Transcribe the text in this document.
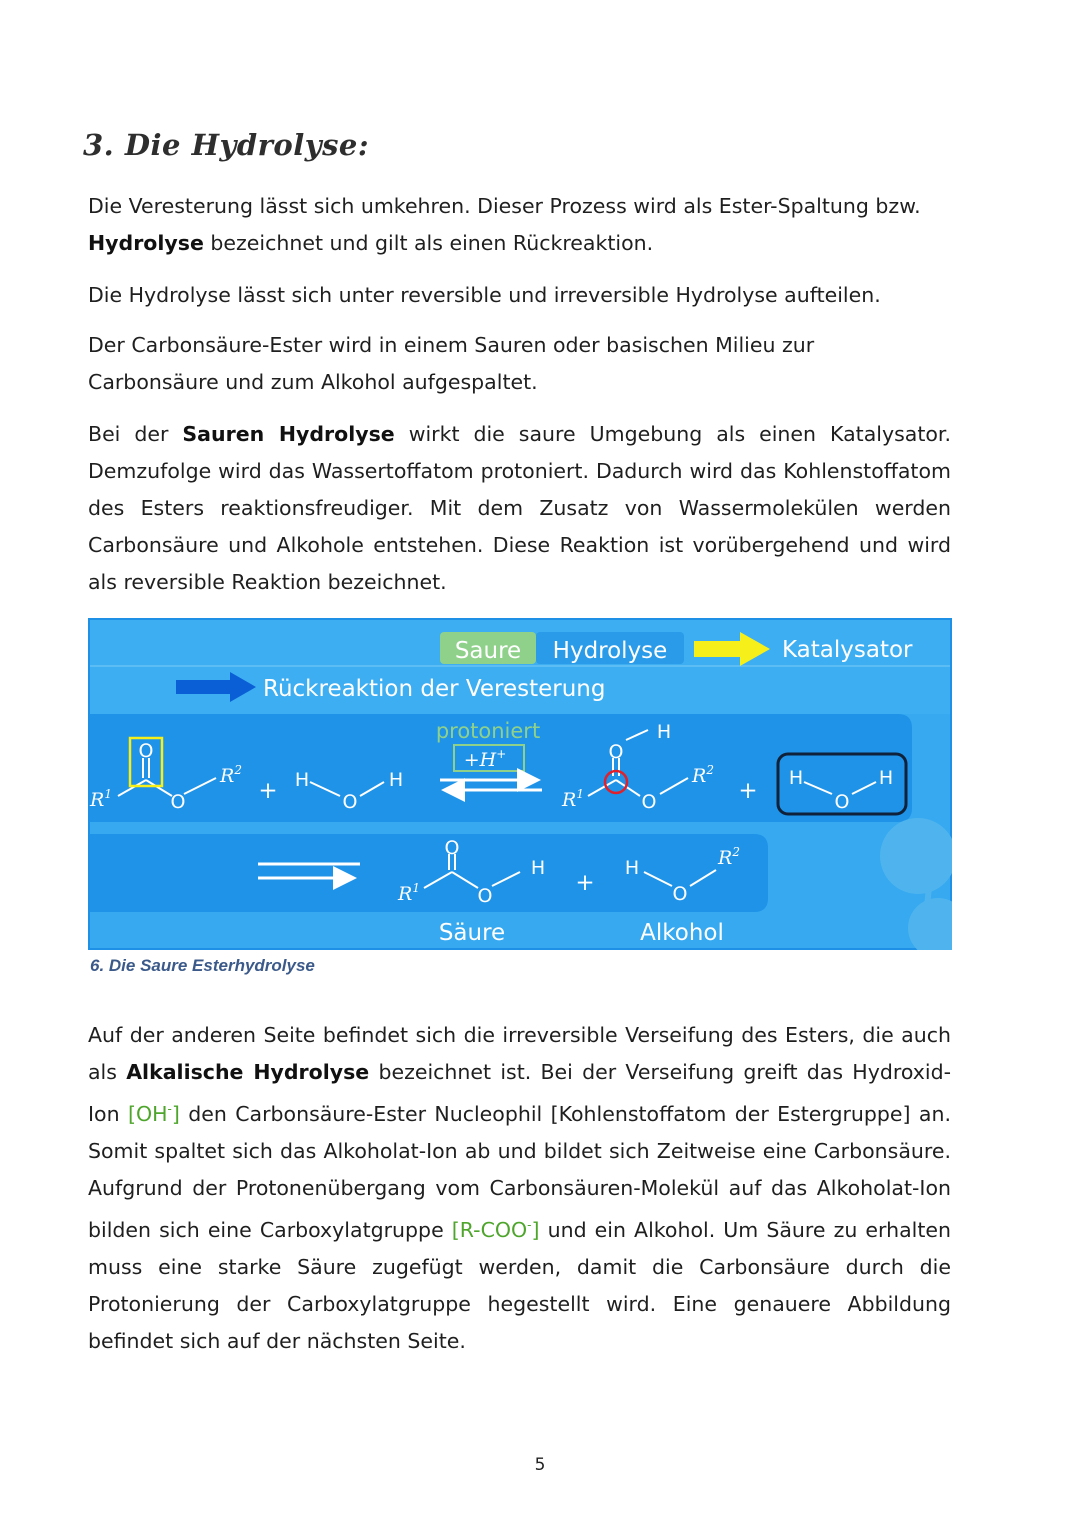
3. Die Hydrolyse:

Die Veresterung lässt sich umkehren. Dieser Prozess wird als Ester-Spaltung bzw. Hydrolyse bezeichnet und gilt als einen Rückreaktion.

Die Hydrolyse lässt sich unter reversible und irreversible Hydrolyse aufteilen.

Der Carbonsäure-Ester wird in einem Sauren oder basischen Milieu zur Carbonsäure und zum Alkohol aufgespaltet.

Bei der Sauren Hydrolyse wirkt die saure Umgebung als einen Katalysator. Demzufolge wird das Wassertoffatom protoniert. Dadurch wird das Kohlenstoffatom des Esters reaktionsfreudiger. Mit dem Zusatz von Wassermolekülen werden Carbonsäure und Alkohole entstehen. Diese Reaktion ist vorübergehend und wird als reversible Reaktion bezeichnet.

Saure Hydrolyse	Katalysator
Rückreaktion der Veresterung
$R^1$
O
O
$R^2$
+ H
O
H
protoniert
+H+
$R^1$
O
H
O
$R^2$
+ H
O
H
$R^1$
O
O
H
+
H
O
$R^2$
Säure	Alkohol

6. Die Saure Esterhydrolyse

Auf der anderen Seite befindet sich die irreversible Verseifung des Esters, die auch als Alkalische Hydrolyse bezeichnet ist. Bei der Verseifung greift das Hydroxid-Ion [OH-] den Carbonsäure-Ester Nucleophil [Kohlenstoffatom der Estergruppe] an. Somit spaltet sich das Alkoholat-Ion ab und bildet sich Zeitweise eine Carbonsäure. Aufgrund der Protonenübergang vom Carbonsäuren-Molekül auf das Alkoholat-Ion bilden sich eine Carboxylatgruppe [R-COO-] und ein Alkohol. Um Säure zu erhalten muss eine starke Säure zugefügt werden, damit die Carbonsäure durch die Protonierung der Carboxylatgruppe hegestellt wird. Eine genauere Abbildung befindet sich auf der nächsten Seite.

5
